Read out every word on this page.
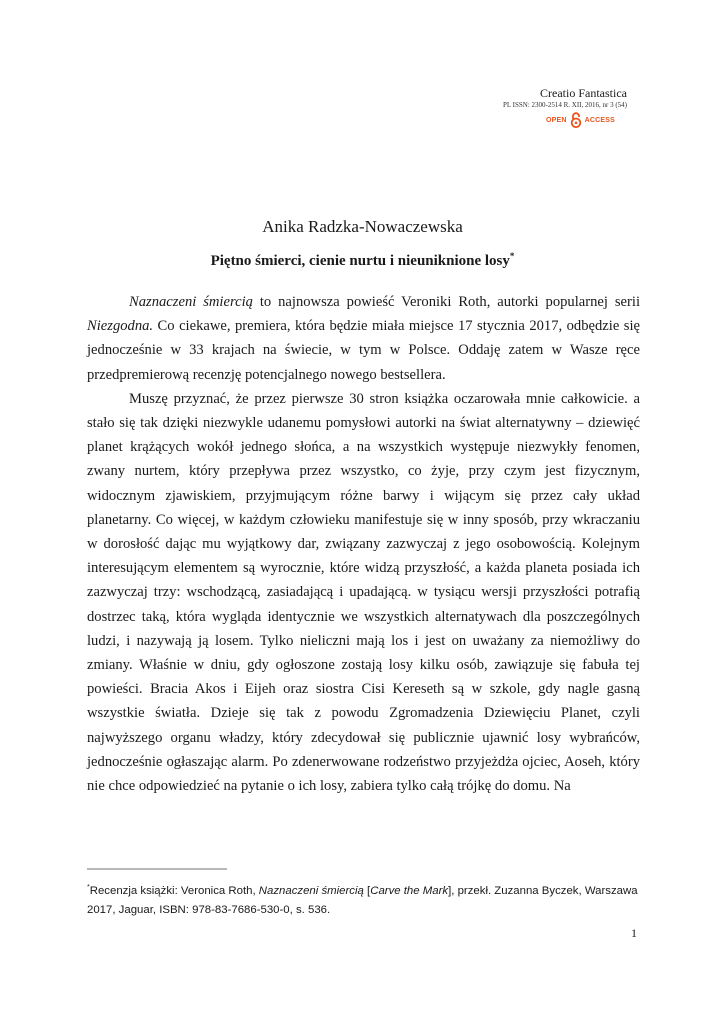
Creatio Fantastica
PL ISSN: 2300-2514 R. XII, 2016, nr 3 (54)
OPEN	ACCESS
Anika Radzka-Nowaczewska
Piętno śmierci, cienie nurtu i nieuniknione losy*

Naznaczeni śmiercią to najnowsza powieść Veroniki Roth, autorki popularnej serii Niezgodna. Co ciekawe, premiera, która będzie miała miejsce 17 stycznia 2017, odbędzie się jednocześnie w 33 krajach na świecie, w tym w Polsce. Oddaję zatem w Wasze ręce przedpremierową recenzję potencjalnego nowego bestsellera.

Muszę przyznać, że przez pierwsze 30 stron książka oczarowała mnie całkowicie. a stało się tak dzięki niezwykle udanemu pomysłowi autorki na świat alternatywny – dziewięć planet krążących wokół jednego słońca, a na wszystkich występuje niezwykły fenomen, zwany nurtem, który przepływa przez wszystko, co żyje, przy czym jest fizycznym, widocznym zjawiskiem, przyjmującym różne barwy i wijącym się przez cały układ planetarny. Co więcej, w każdym człowieku manifestuje się w inny sposób, przy wkraczaniu w dorosłość dając mu wyjątkowy dar, związany zazwyczaj z jego osobowością. Kolejnym interesującym elementem są wyrocznie, które widzą przyszłość, a każda planeta posiada ich zazwyczaj trzy: wschodzącą, zasiadającą i upadającą. w tysiącu wersji przyszłości potrafią dostrzec taką, która wygląda identycznie we wszystkich alternatywach dla poszczególnych ludzi, i nazywają ją losem. Tylko nieliczni mają los i jest on uważany za niemożliwy do zmiany. Właśnie w dniu, gdy ogłoszone zostają losy kilku osób, zawiązuje się fabuła tej powieści. Bracia Akos i Eijeh oraz siostra Cisi Kereseth są w szkole, gdy nagle gasną wszystkie światła. Dzieje się tak z powodu Zgromadzenia Dziewięciu Planet, czyli najwyższego organu władzy, który zdecydował się publicznie ujawnić losy wybrańców, jednocześnie ogłaszając alarm. Po zdenerwowane rodzeństwo przyjeżdża ojciec, Aoseh, który nie chce odpowiedzieć na pytanie o ich losy, zabiera tylko całą trójkę do domu. Na

*Recenzja książki: Veronica Roth, Naznaczeni śmiercią [Carve the Mark], przekł. Zuzanna Byczek, Warszawa 2017, Jaguar, ISBN: 978-83-7686-530-0, s. 536.
1
